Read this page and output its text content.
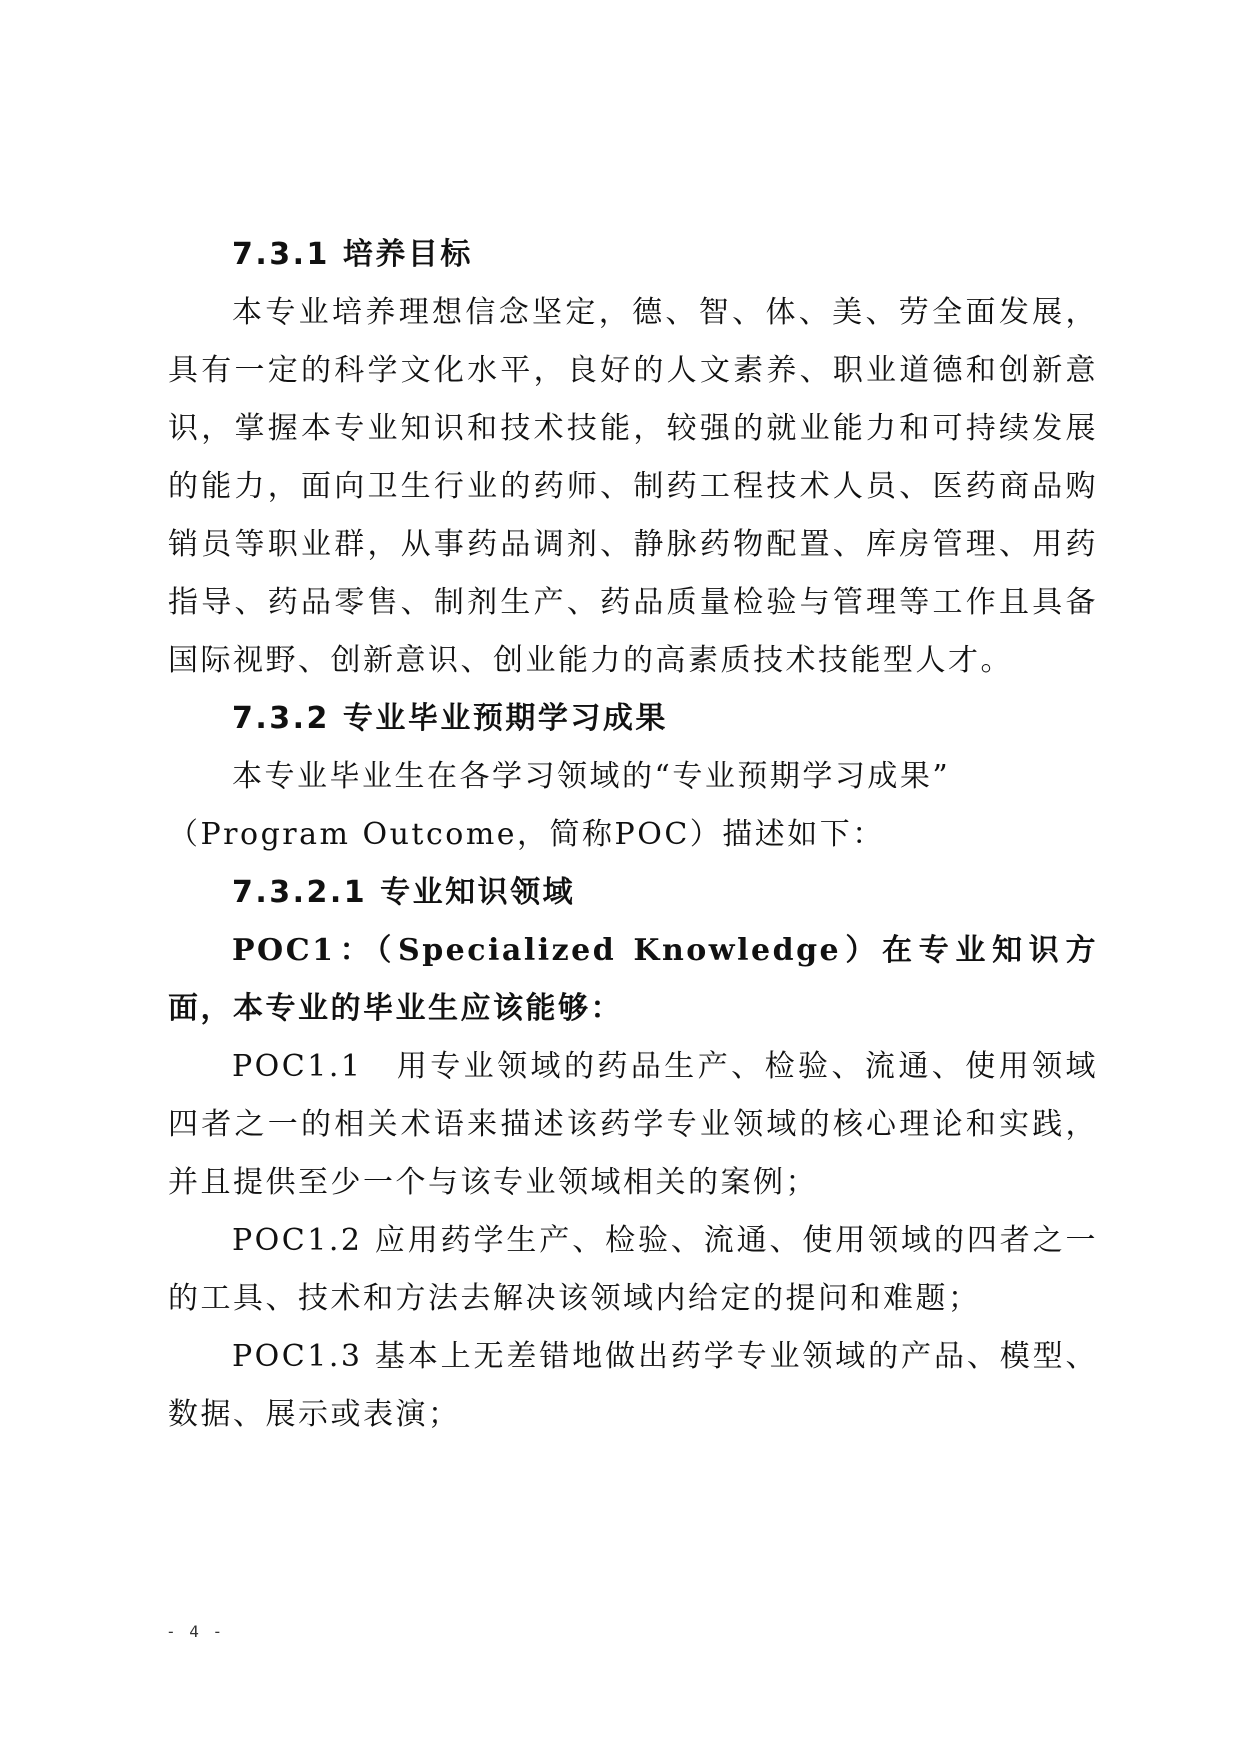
7.3.1 培养目标

本专业培养理想信念坚定，德、智、体、美、劳全面发展，具有一定的科学文化水平，良好的人文素养、职业道德和创新意识，掌握本专业知识和技术技能，较强的就业能力和可持续发展的能力，面向卫生行业的药师、制药工程技术人员、医药商品购销员等职业群，从事药品调剂、静脉药物配置、库房管理、用药指导、药品零售、制剂生产、药品质量检验与管理等工作且具备国际视野、创新意识、创业能力的高素质技术技能型人才。

7.3.2 专业毕业预期学习成果

本专业毕业生在各学习领域的“专业预期学习成果”

（Program Outcome，简称POC）描述如下：

7.3.2.1 专业知识领域

POC1：（Specialized Knowledge）在专业知识方面，本专业的毕业生应该能够：

POC1.1　用专业领域的药品生产、检验、流通、使用领域四者之一的相关术语来描述该药学专业领域的核心理论和实践，并且提供至少一个与该专业领域相关的案例；

POC1.2 应用药学生产、检验、流通、使用领域的四者之一的工具、技术和方法去解决该领域内给定的提问和难题；

POC1.3 基本上无差错地做出药学专业领域的产品、模型、数据、展示或表演；

- 4 -
